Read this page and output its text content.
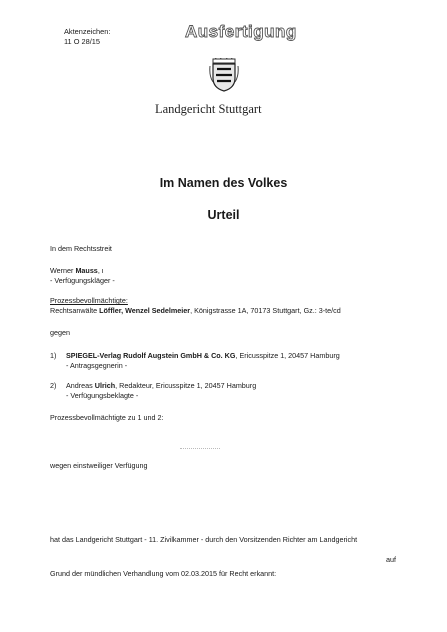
Aktenzeichen:
11 O 28/15	Ausfertigung
Landgericht Stuttgart
Im Namen des Volkes
Urteil
In dem Rechtsstreit
Werner Mauss, ι
- Verfügungskläger -
Prozessbevollmächtigte:
Rechtsanwälte Löffler, Wenzel Sedelmeier, Königstrasse 1A, 70173 Stuttgart, Gz.: 3-te/cd
gegen
1) SPIEGEL-Verlag Rudolf Augstein GmbH & Co. KG, Ericusspitze 1, 20457 Hamburg
- Antragsgegnerin -
2) Andreas Ulrich, Redakteur, Ericusspitze 1, 20457 Hamburg
- Verfügungsbeklagte -
Prozessbevollmächtigte zu 1 und 2:
wegen einstweiliger Verfügung
hat das Landgericht Stuttgart - 11. Zivilkammer - durch den Vorsitzenden Richter am Landgericht
auf
Grund der mündlichen Verhandlung vom 02.03.2015 für Recht erkannt:
